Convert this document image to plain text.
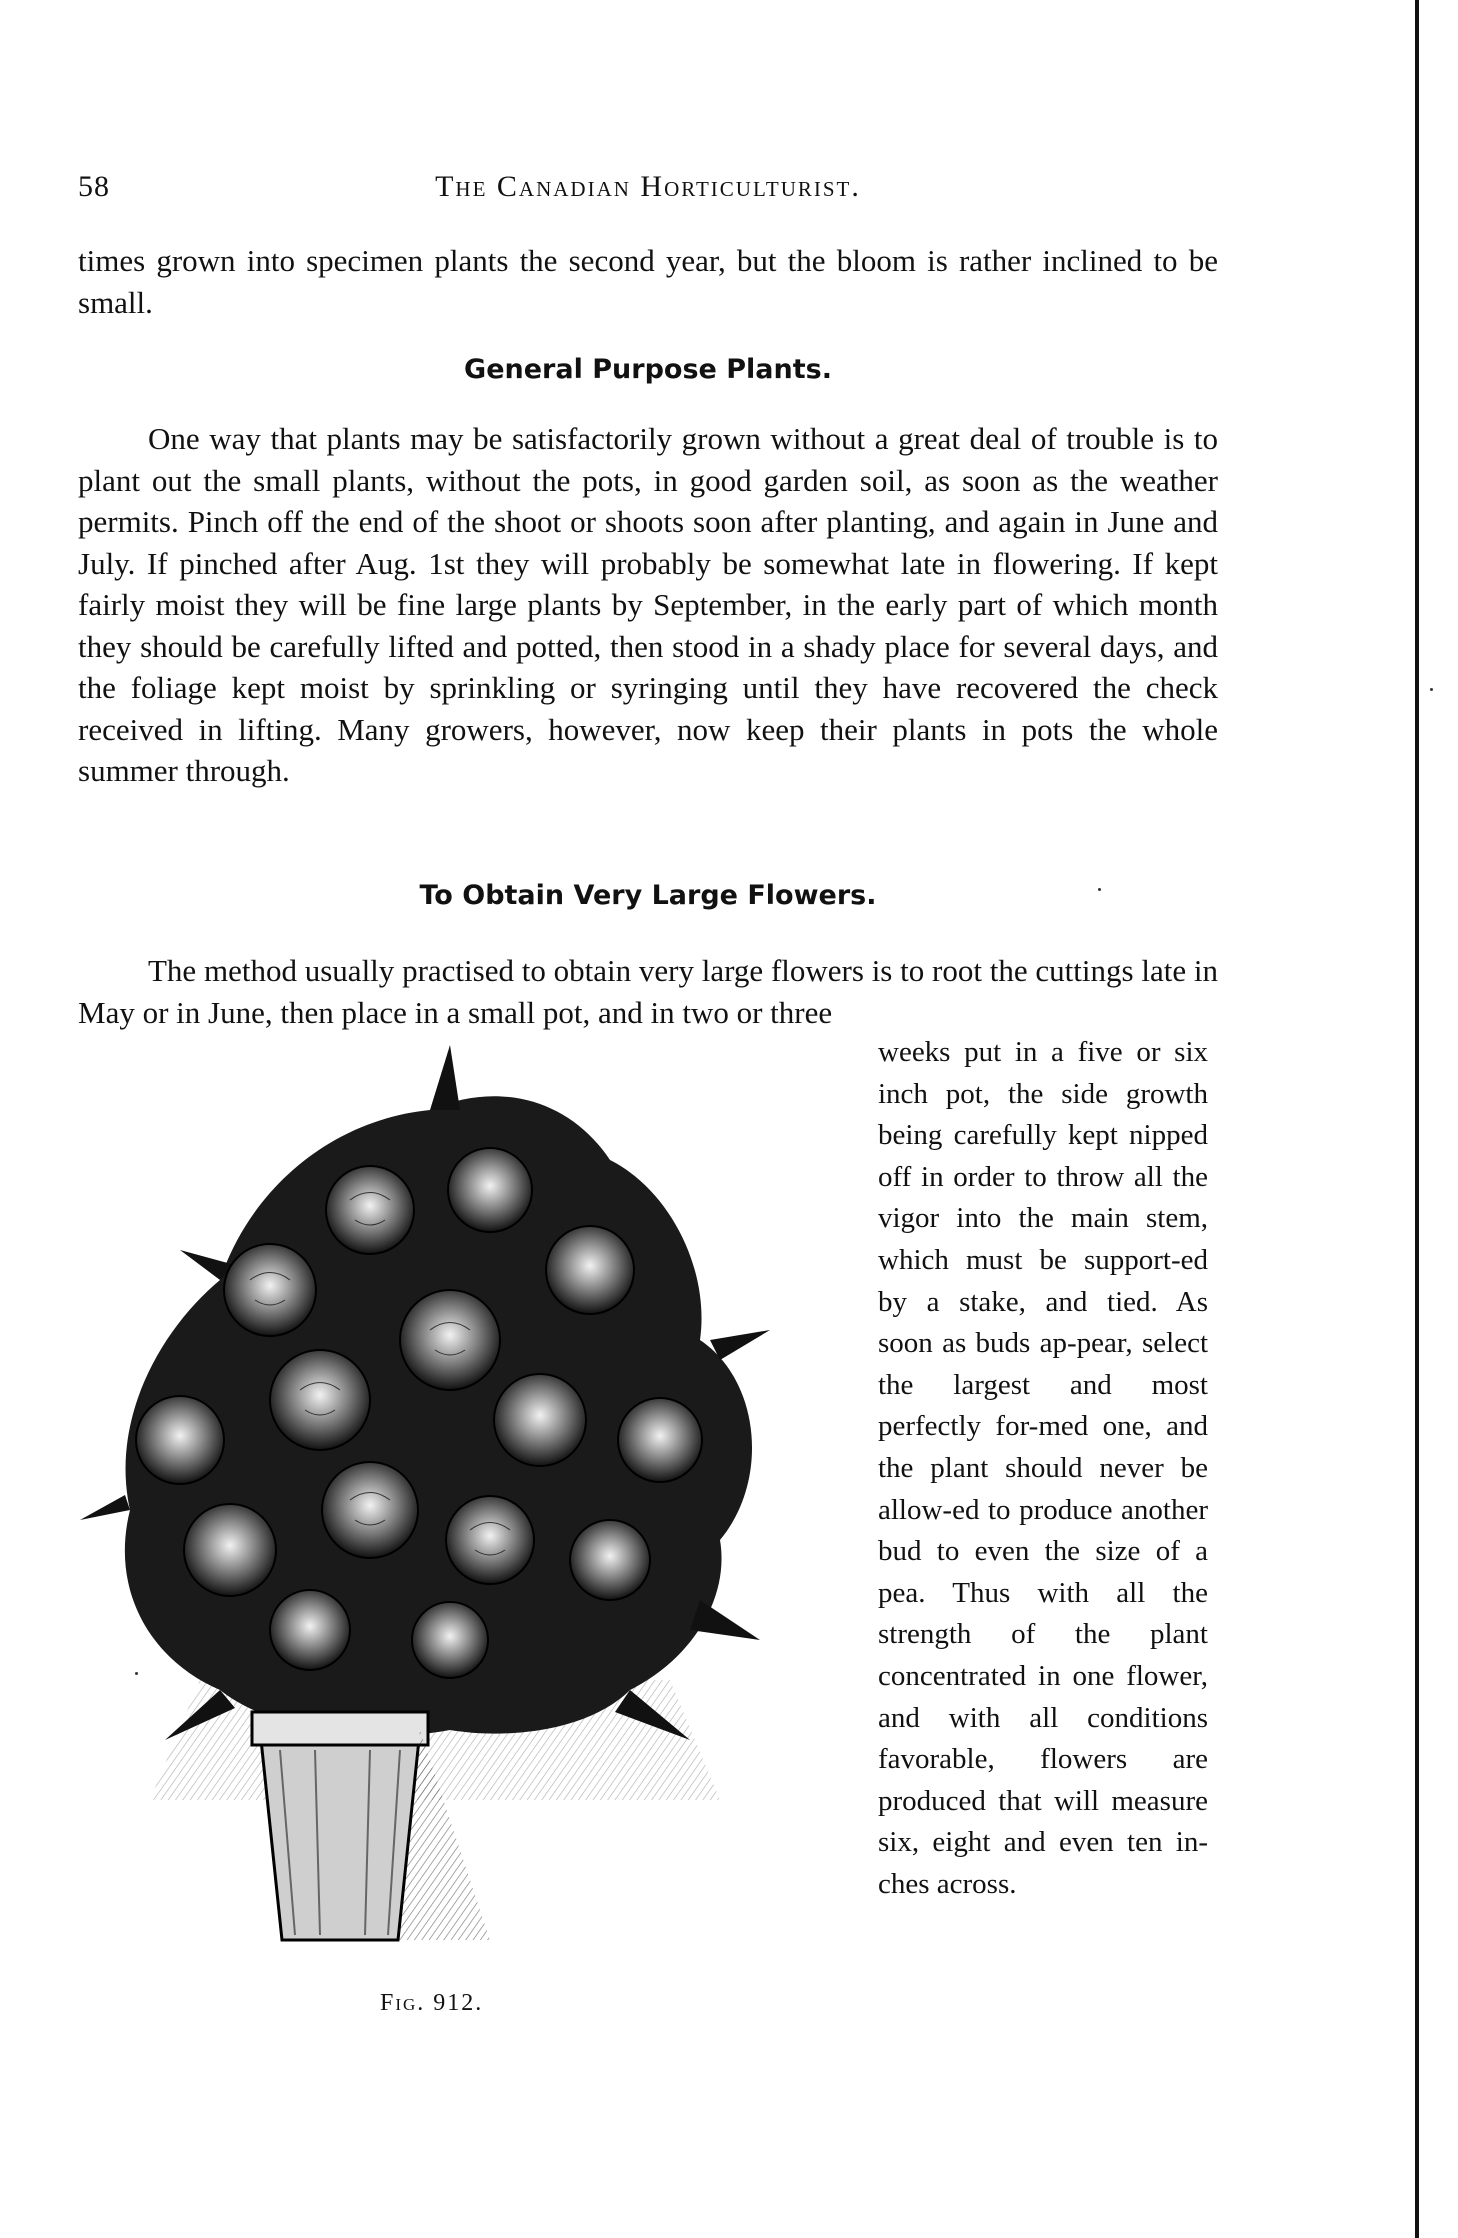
58	The Canadian Horticulturist.
times grown into specimen plants the second year, but the bloom is rather inclined to be small.
General Purpose Plants.
One way that plants may be satisfactorily grown without a great deal of trouble is to plant out the small plants, without the pots, in good garden soil, as soon as the weather permits. Pinch off the end of the shoot or shoots soon after planting, and again in June and July. If pinched after Aug. 1st they will probably be somewhat late in flowering. If kept fairly moist they will be fine large plants by September, in the early part of which month they should be carefully lifted and potted, then stood in a shady place for several days, and the foliage kept moist by sprinkling or syringing until they have recovered the check received in lifting. Many growers, however, now keep their plants in pots the whole summer through.
To Obtain Very Large Flowers.
The method usually practised to obtain very large flowers is to root the cuttings late in May or in June, then place in a small pot, and in two or three
weeks put in a five or six inch pot, the side growth being carefully kept nipped off in order to throw all the vigor into the main stem, which must be support-ed by a stake, and tied. As soon as buds ap-pear, select the largest and most perfectly for-med one, and the plant should never be allow-ed to produce another bud to even the size of a pea. Thus with all the strength of the plant concentrated in one flower, and with all conditions favorable, flowers are produced that will measure six, eight and even ten in-ches across.
Fig. 912.
